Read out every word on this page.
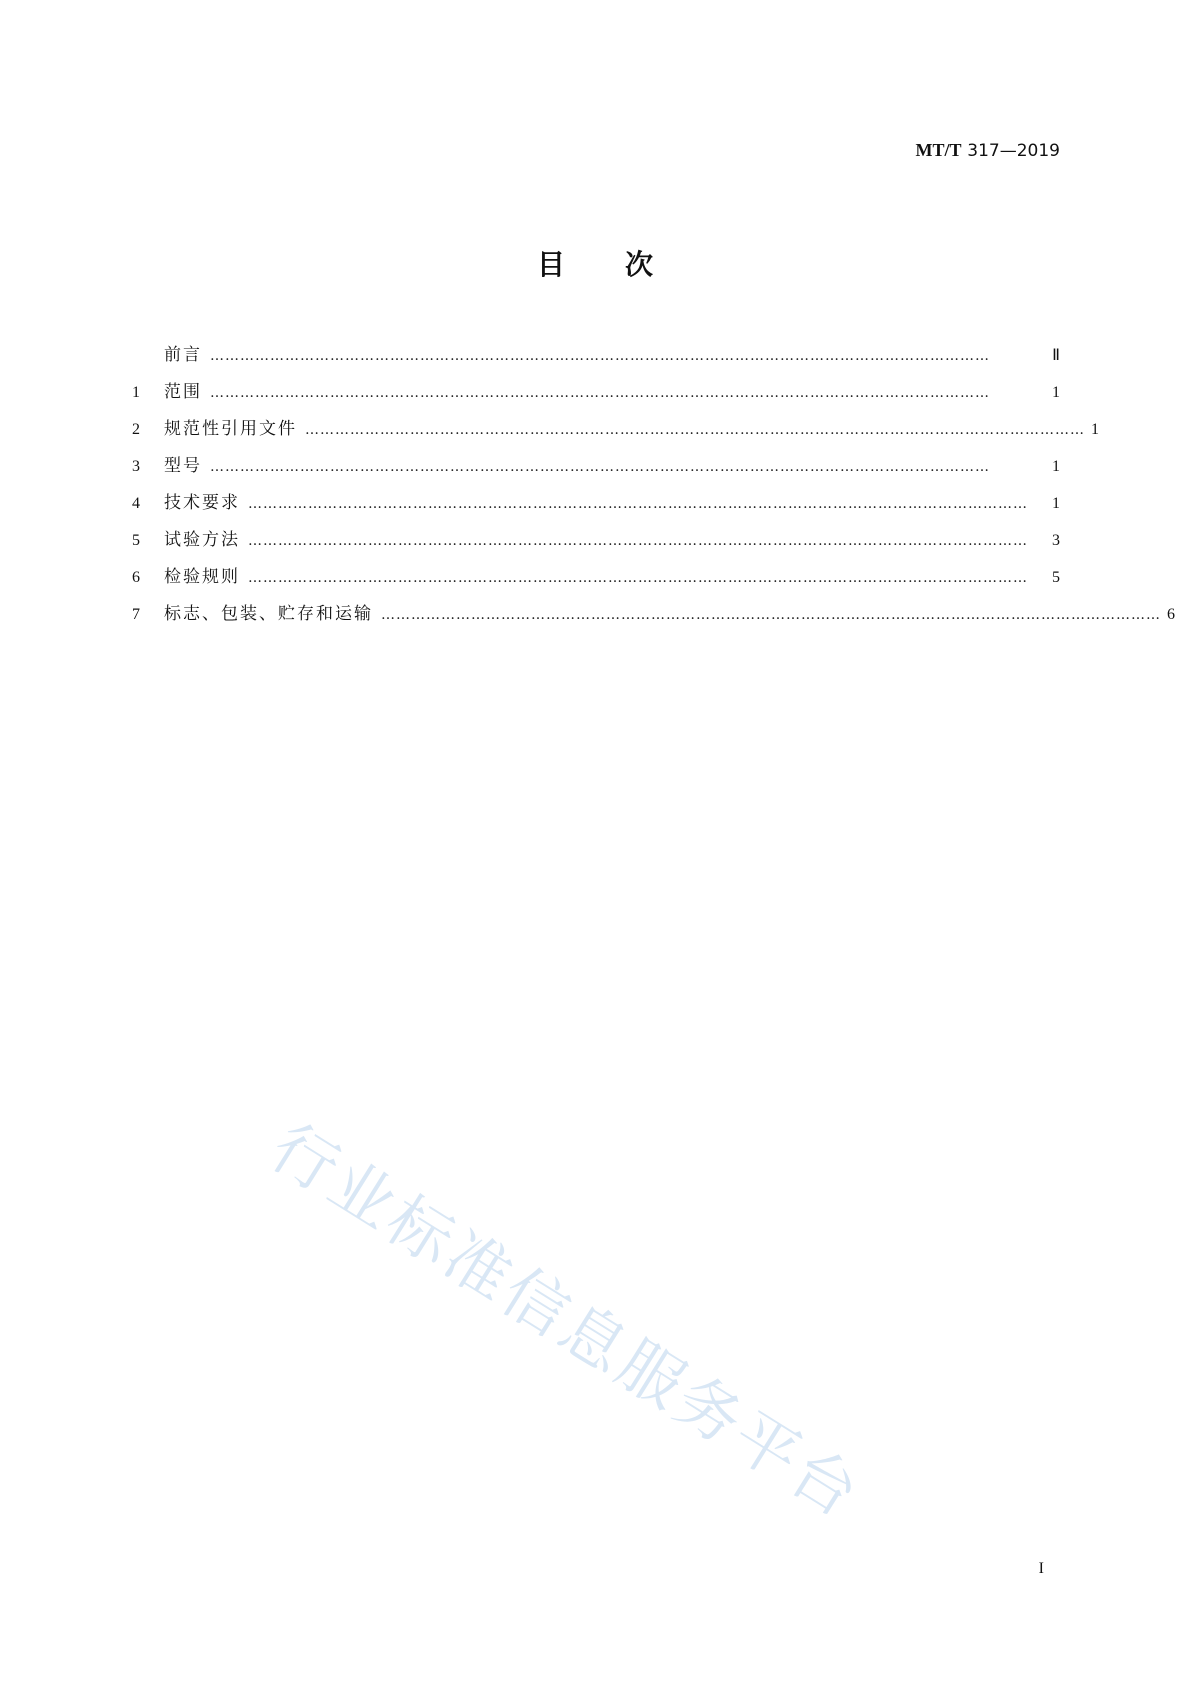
MT/T 317—2019
目次
前言 …………………………………………………………………………………………………………………………………………	Ⅱ
1	范围 …………………………………………………………………………………………………………………………………………	1
2	规范性引用文件 ………………………………………………………………………………………………………………………………………… 1
3	型号 …………………………………………………………………………………………………………………………………………	1
4	技术要求 …………………………………………………………………………………………………………………………………………	1
5	试验方法 …………………………………………………………………………………………………………………………………………	3
6	检验规则 …………………………………………………………………………………………………………………………………………	5
7	标志、包装、贮存和运输 ………………………………………………………………………………………………………………………………………… 6
行业标准信息服务平台
I
